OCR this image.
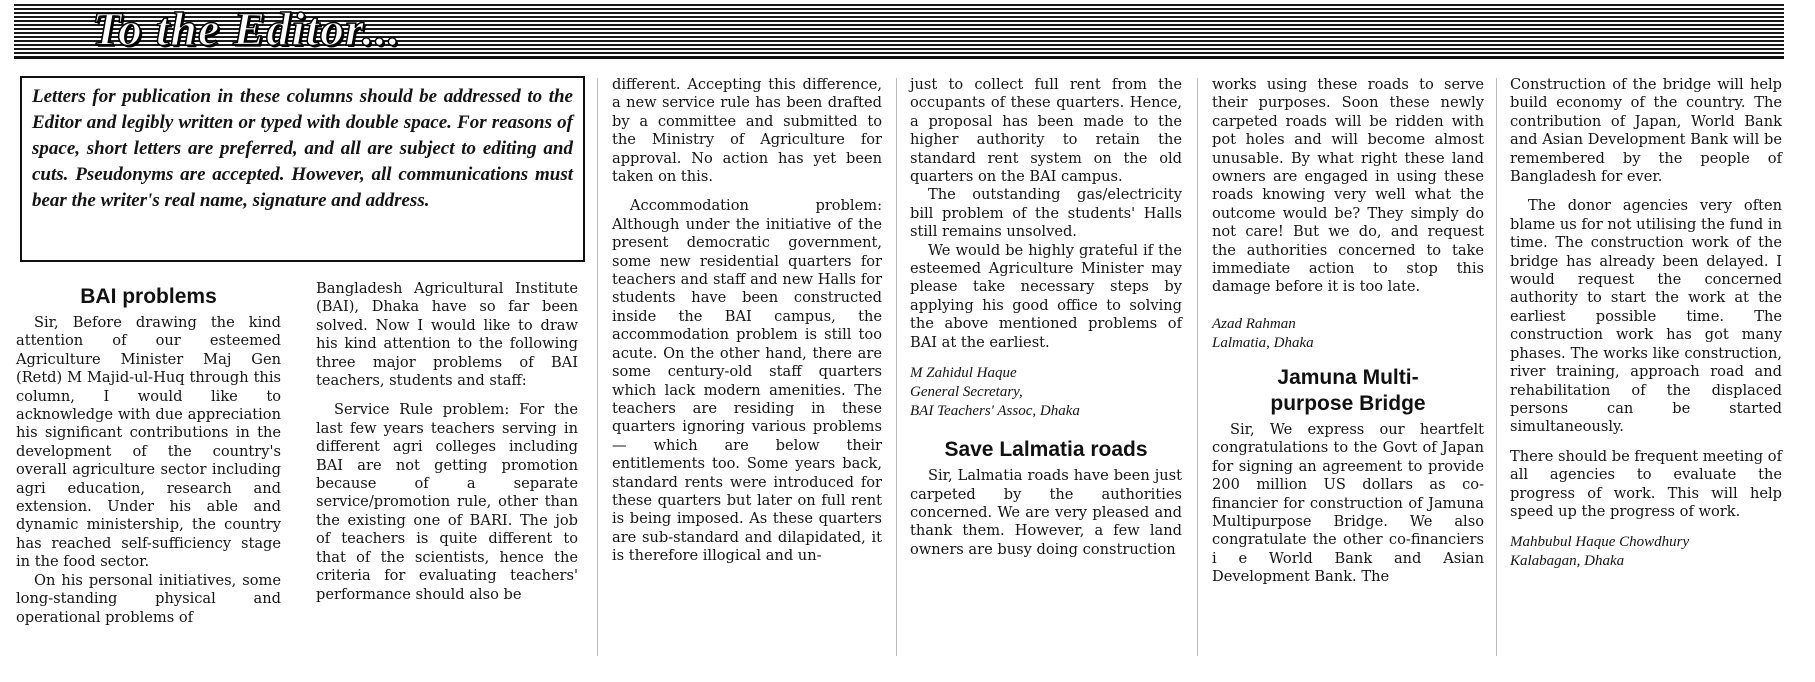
To the Editor...

Letters for publication in these columns should be addressed to the Editor and legibly written or typed with double space. For reasons of space, short letters are preferred, and all are subject to editing and cuts. Pseudonyms are accepted. However, all communications must bear the writer's real name, signature and address.

BAI problems

Sir, Before drawing the kind attention of our esteemed Agriculture Minister Maj Gen (Retd) M Majid-ul-Huq through this column, I would like to acknowledge with due appreciation his significant contributions in the development of the country's overall agriculture sector including agri education, research and extension. Under his able and dynamic ministership, the country has reached self-sufficiency stage in the food sector.

On his personal initiatives, some long-standing physical and operational problems of

Bangladesh Agricultural Institute (BAI), Dhaka have so far been solved. Now I would like to draw his kind attention to the following three major problems of BAI teachers, students and staff:

Service Rule problem: For the last few years teachers serving in different agri colleges including BAI are not getting promotion because of a separate service/promotion rule, other than the existing one of BARI. The job of teachers is quite different to that of the scientists, hence the criteria for evaluating teachers' performance should also be

different. Accepting this difference, a new service rule has been drafted by a committee and submitted to the Ministry of Agriculture for approval. No action has yet been taken on this.

Accommodation problem: Although under the initiative of the present democratic government, some new residential quarters for teachers and staff and new Halls for students have been constructed inside the BAI campus, the accommodation problem is still too acute. On the other hand, there are some century-old staff quarters which lack modern amenities. The teachers are residing in these quarters ignoring various problems — which are below their entitlements too. Some years back, standard rents were introduced for these quarters but later on full rent is being imposed. As these quarters are sub-standard and dilapidated, it is therefore illogical and un-

just to collect full rent from the occupants of these quarters. Hence, a proposal has been made to the higher authority to retain the standard rent system on the old quarters on the BAI campus.

The outstanding gas/electricity bill problem of the students' Halls still remains unsolved.

We would be highly grateful if the esteemed Agriculture Minister may please take necessary steps by applying his good office to solving the above mentioned problems of BAI at the earliest.

M Zahidul Haque
General Secretary,
BAI Teachers' Assoc, Dhaka

Save Lalmatia roads

Sir, Lalmatia roads have been just carpeted by the authorities concerned. We are very pleased and thank them. However, a few land owners are busy doing construction

works using these roads to serve their purposes. Soon these newly carpeted roads will be ridden with pot holes and will become almost unusable. By what right these land owners are engaged in using these roads knowing very well what the outcome would be? They simply do not care! But we do, and request the authorities concerned to take immediate action to stop this damage before it is too late.

Azad Rahman
Lalmatia, Dhaka

Jamuna Multi-
purpose Bridge

Sir, We express our heartfelt congratulations to the Govt of Japan for signing an agreement to provide 200 million US dollars as co-financier for construction of Jamuna Multipurpose Bridge. We also congratulate the other co-financiers i e World Bank and Asian Development Bank. The

Construction of the bridge will help build economy of the country. The contribution of Japan, World Bank and Asian Development Bank will be remembered by the people of Bangladesh for ever.

The donor agencies very often blame us for not utilising the fund in time. The construction work of the bridge has already been delayed. I would request the concerned authority to start the work at the earliest possible time. The construction work has got many phases. The works like construction, river training, approach road and rehabilitation of the displaced persons can be started simultaneously.

There should be frequent meeting of all agencies to evaluate the progress of work. This will help speed up the progress of work.

Mahbubul Haque Chowdhury
Kalabagan, Dhaka
